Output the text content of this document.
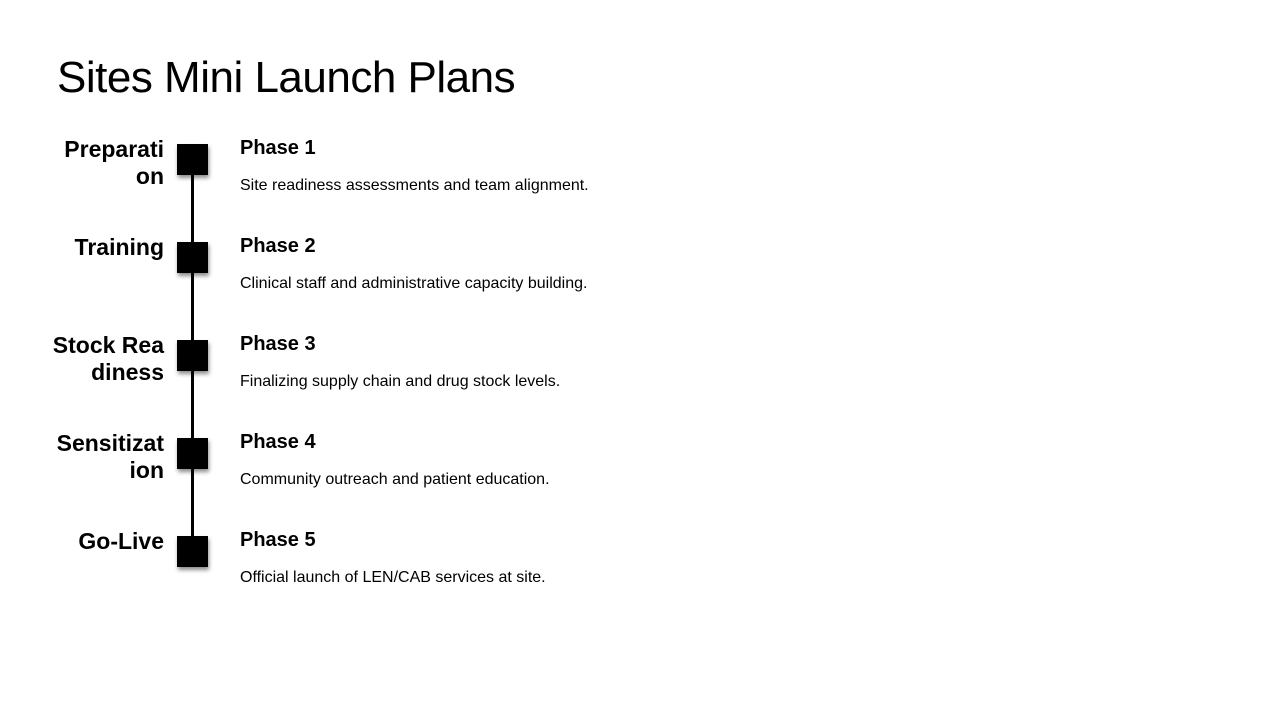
Sites Mini Launch Plans
Preparation
Phase 1
Site readiness assessments and team alignment.
Training	Phase 2
Clinical staff and administrative capacity building.
Stock Readiness
Phase 3
Finalizing supply chain and drug stock levels.
Sensitization
Phase 4
Community outreach and patient education.
Go-Live	Phase 5
Official launch of LEN/CAB services at site.
